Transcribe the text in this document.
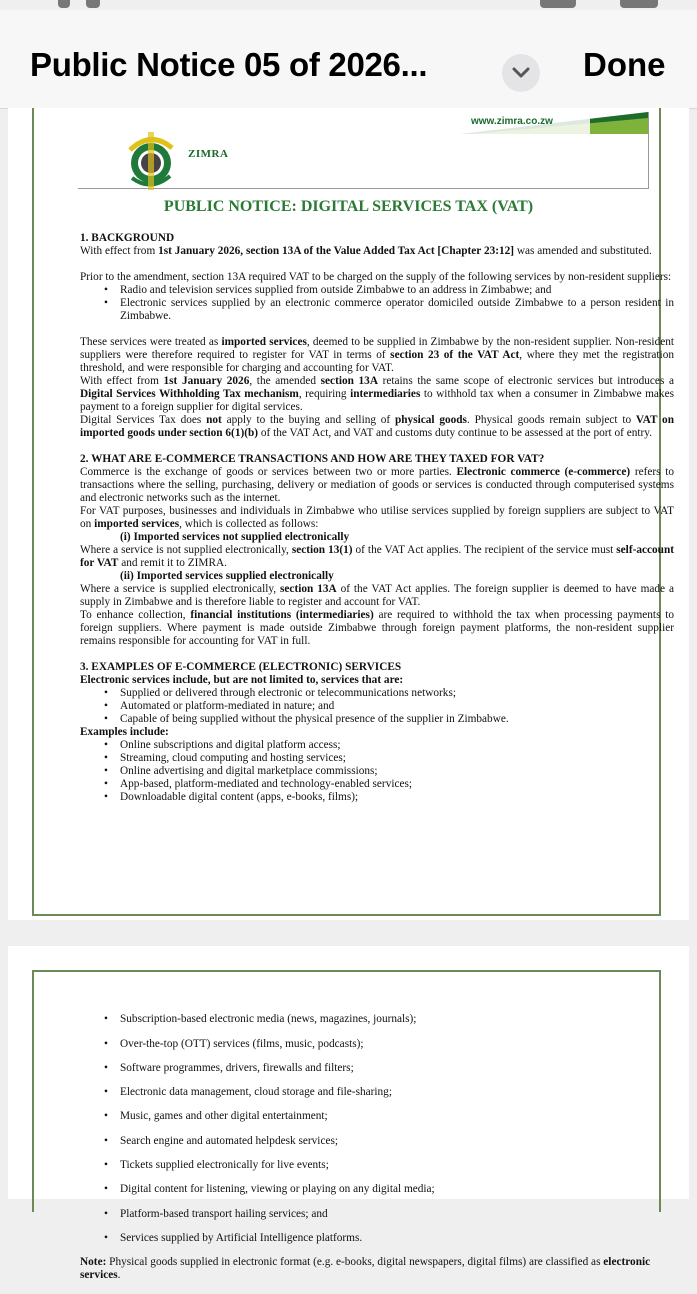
Public Notice 05 of 2026...	Done
ZIMRA
www.zimra.co.zw
PUBLIC NOTICE: DIGITAL SERVICES TAX (VAT)

1. BACKGROUND

With effect from 1st January 2026, section 13A of the Value Added Tax Act [Chapter 23:12] was amended and substituted.

Prior to the amendment, section 13A required VAT to be charged on the supply of the following services by non-resident suppliers:

• Radio and television services supplied from outside Zimbabwe to an address in Zimbabwe; and

• Electronic services supplied by an electronic commerce operator domiciled outside Zimbabwe to a person resident in Zimbabwe.

These services were treated as imported services, deemed to be supplied in Zimbabwe by the non-resident supplier. Non-resident suppliers were therefore required to register for VAT in terms of section 23 of the VAT Act, where they met the registration threshold, and were responsible for charging and accounting for VAT.

With effect from 1st January 2026, the amended section 13A retains the same scope of electronic services but introduces a Digital Services Withholding Tax mechanism, requiring intermediaries to withhold tax when a consumer in Zimbabwe makes payment to a foreign supplier for digital services.

Digital Services Tax does not apply to the buying and selling of physical goods. Physical goods remain subject to VAT on imported goods under section 6(1)(b) of the VAT Act, and VAT and customs duty continue to be assessed at the port of entry.

2. WHAT ARE E-COMMERCE TRANSACTIONS AND HOW ARE THEY TAXED FOR VAT?

Commerce is the exchange of goods or services between two or more parties. Electronic commerce (e-commerce) refers to transactions where the selling, purchasing, delivery or mediation of goods or services is conducted through computerised systems and electronic networks such as the internet.

For VAT purposes, businesses and individuals in Zimbabwe who utilise services supplied by foreign suppliers are subject to VAT on imported services, which is collected as follows:

(i) Imported services not supplied electronically

Where a service is not supplied electronically, section 13(1) of the VAT Act applies. The recipient of the service must self-account for VAT and remit it to ZIMRA.

(ii) Imported services supplied electronically

Where a service is supplied electronically, section 13A of the VAT Act applies. The foreign supplier is deemed to have made a supply in Zimbabwe and is therefore liable to register and account for VAT.

To enhance collection, financial institutions (intermediaries) are required to withhold the tax when processing payments to foreign suppliers. Where payment is made outside Zimbabwe through foreign payment platforms, the non-resident supplier remains responsible for accounting for VAT in full.

3. EXAMPLES OF E-COMMERCE (ELECTRONIC) SERVICES

Electronic services include, but are not limited to, services that are:

• Supplied or delivered through electronic or telecommunications networks;

• Automated or platform-mediated in nature; and

• Capable of being supplied without the physical presence of the supplier in Zimbabwe.

Examples include:

• Online subscriptions and digital platform access;

• Streaming, cloud computing and hosting services;

• Online advertising and digital marketplace commissions;

• App-based, platform-mediated and technology-enabled services;

• Downloadable digital content (apps, e-books, films);

• Subscription-based electronic media (news, magazines, journals);

• Over-the-top (OTT) services (films, music, podcasts);

• Software programmes, drivers, firewalls and filters;

• Electronic data management, cloud storage and file-sharing;

• Music, games and other digital entertainment;

• Search engine and automated helpdesk services;

• Tickets supplied electronically for live events;

• Digital content for listening, viewing or playing on any digital media;

• Platform-based transport hailing services; and

• Services supplied by Artificial Intelligence platforms.

Note: Physical goods supplied in electronic format (e.g. e-books, digital newspapers, digital films) are classified as electronic services.
